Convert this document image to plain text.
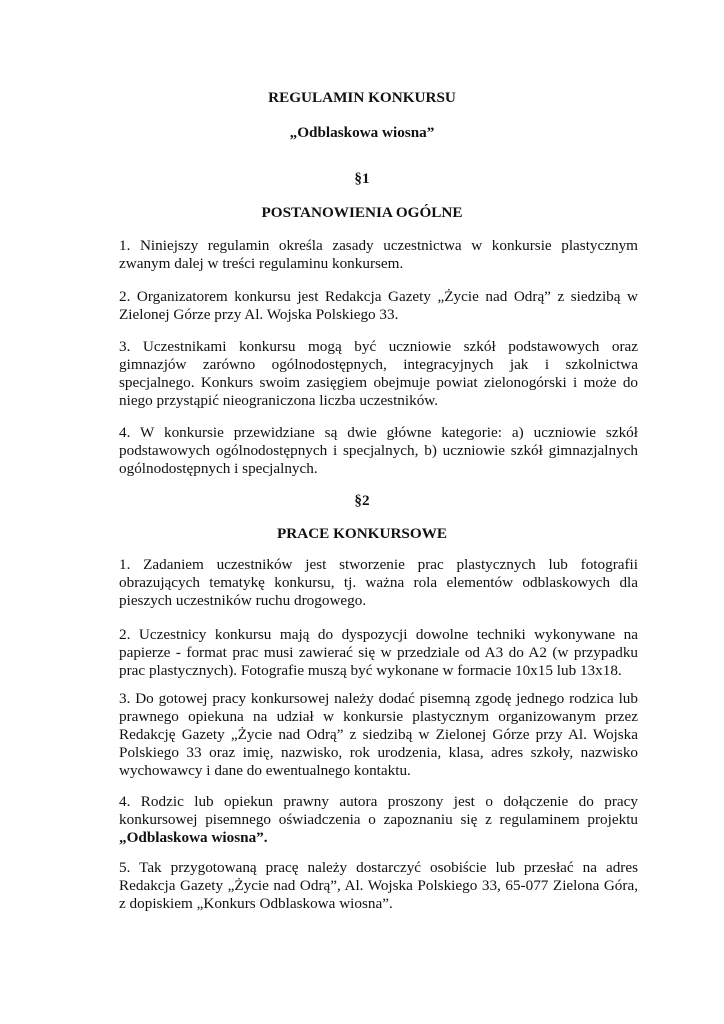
REGULAMIN KONKURSU
„Odblaskowa wiosna”
§1
POSTANOWIENIA OGÓLNE
1. Niniejszy regulamin określa zasady uczestnictwa w konkursie plastycznym zwanym dalej w treści regulaminu konkursem.
2. Organizatorem konkursu jest Redakcja Gazety „Życie nad Odrą” z siedzibą w Zielonej Górze przy Al. Wojska Polskiego 33.
3. Uczestnikami konkursu mogą być uczniowie szkół podstawowych oraz gimnazjów zarówno ogólnodostępnych, integracyjnych jak i szkolnictwa specjalnego. Konkurs swoim zasięgiem obejmuje powiat zielonogórski i może do niego przystąpić nieograniczona liczba uczestników.
4. W konkursie przewidziane są dwie główne kategorie: a) uczniowie szkół podstawowych ogólnodostępnych i specjalnych, b) uczniowie szkół gimnazjalnych ogólnodostępnych i specjalnych.
§2
PRACE KONKURSOWE
1. Zadaniem uczestników jest stworzenie prac plastycznych lub fotografii obrazujących tematykę konkursu, tj. ważna rola elementów odblaskowych dla pieszych uczestników ruchu drogowego.
2. Uczestnicy konkursu mają do dyspozycji dowolne techniki wykonywane na papierze - format prac musi zawierać się w przedziale od A3 do A2 (w przypadku prac plastycznych). Fotografie muszą być wykonane w formacie 10x15 lub 13x18.
3. Do gotowej pracy konkursowej należy dodać pisemną zgodę jednego rodzica lub prawnego opiekuna na udział w konkursie plastycznym organizowanym przez Redakcję Gazety „Życie nad Odrą” z siedzibą w Zielonej Górze przy Al. Wojska Polskiego 33 oraz imię, nazwisko, rok urodzenia, klasa, adres szkoły, nazwisko wychowawcy i dane do ewentualnego kontaktu.
4. Rodzic lub opiekun prawny autora proszony jest o dołączenie do pracy konkursowej pisemnego oświadczenia o zapoznaniu się z regulaminem projektu „Odblaskowa wiosna”.
5. Tak przygotowaną pracę należy dostarczyć osobiście lub przesłać na adres Redakcja Gazety „Życie nad Odrą”, Al. Wojska Polskiego 33, 65-077 Zielona Góra, z dopiskiem „Konkurs Odblaskowa wiosna”.
